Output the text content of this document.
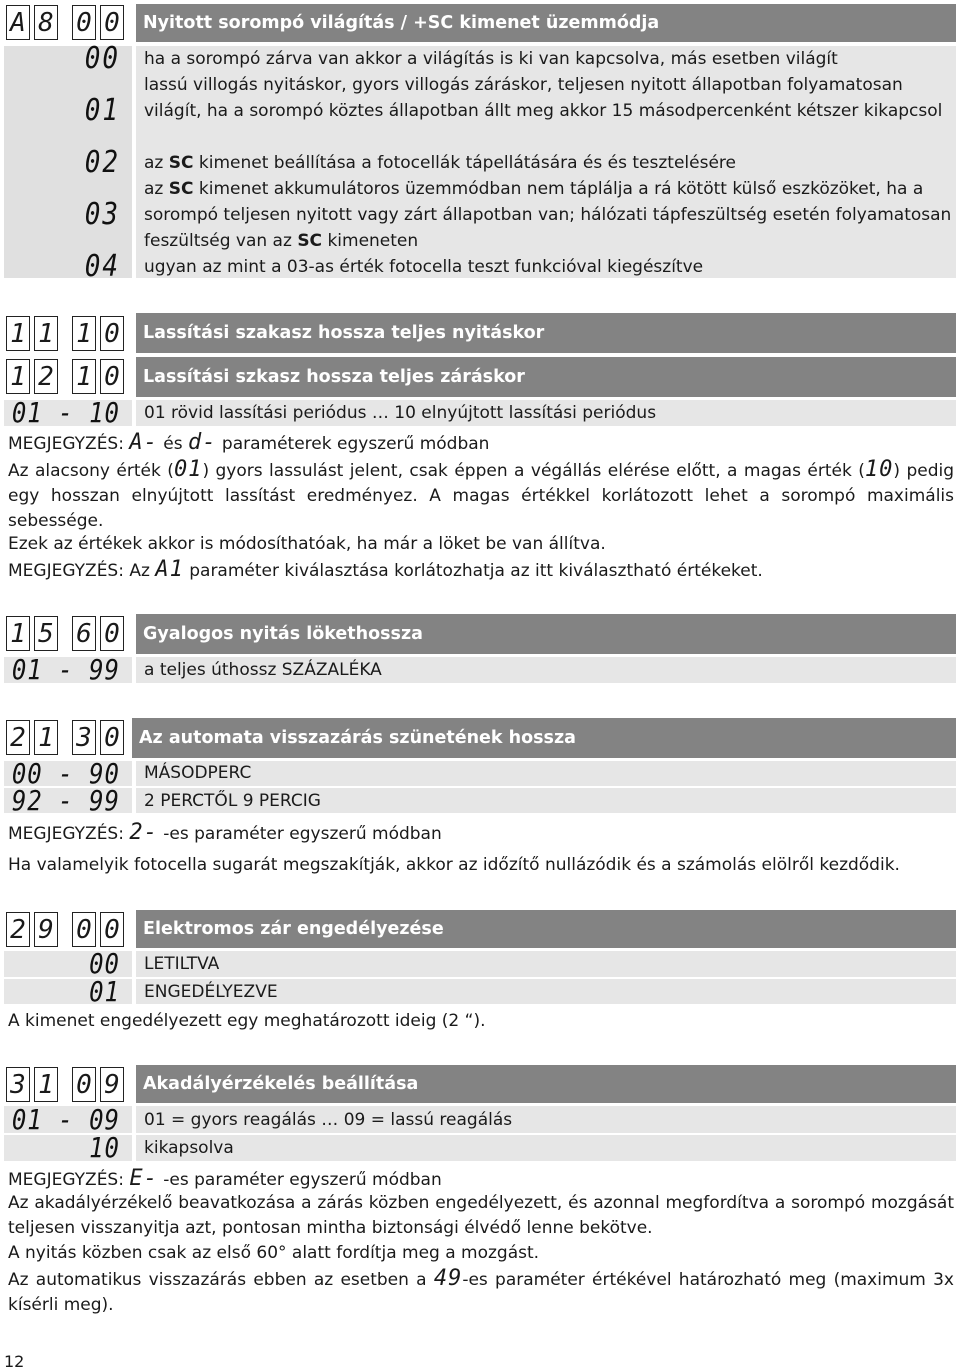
A 8 0 0 Nyitott sorompó világítás / +SC kimenet üzemmódja
00 ha a sorompó zárva van akkor a világítás is ki van kapcsolva, más esetben világít
01
lassú villogás nyitáskor, gyors villogás záráskor, teljesen nyitott állapotban folyamatosan világít, ha a sorompó köztes állapotban állt meg akkor 15 másodpercenként kétszer kikapcsol
02 az SC kimenet beállítása a fotocellák tápellátására és és tesztelésére
03
az SC kimenet akkumulátoros üzemmódban nem táplálja a rá kötött külső eszközöket, ha a sorompó teljesen nyitott vagy zárt állapotban van; hálózati tápfeszültség esetén folyamatosan feszültség van az SC kimeneten
04 ugyan az mint a 03-as érték fotocella teszt funkcióval kiegészítve
1 1 1 0 Lassítási szakasz hossza teljes nyitáskor
1 2 1 0 Lassítási szkasz hossza teljes záráskor
01 - 10 01 rövid lassítási periódus … 10 elnyújtott lassítási periódus
MEGJEGYZÉS: A- és d- paraméterek egyszerű módban
Az alacsony érték (01) gyors lassulást jelent, csak éppen a végállás elérése előtt, a magas érték (10) pedig egy hosszan elnyújtott lassítást eredményez. A magas értékkel korlátozott lehet a sorompó maximális sebessége.
Ezek az értékek akkor is módosíthatóak, ha már a löket be van állítva.
MEGJEGYZÉS: Az A1 paraméter kiválasztása korlátozhatja az itt kiválasztható értékeket.
1 5 6 0 Gyalogos nyitás lökethossza
01 - 99 a teljes úthossz SZÁZALÉKA
2 1 3 0 Az automata visszazárás szünetének hossza
00 - 90 MÁSODPERC
92 - 99 2 PERCTŐL 9 PERCIG
MEGJEGYZÉS: 2- -es paraméter egyszerű módban
Ha valamelyik fotocella sugarát megszakítják, akkor az időzítő nullázódik és a számolás elölről kezdődik.
2 9 0 0 Elektromos zár engedélyezése
00 LETILTVA
01 ENGEDÉLYEZVE
A kimenet engedélyezett egy meghatározott ideig (2 “).
3 1 0 9 Akadályérzékelés beállítása
01 - 09 01 = gyors reagálás … 09 = lassú reagálás
10 kikapsolva
MEGJEGYZÉS: E- -es paraméter egyszerű módban
Az akadályérzékelő beavatkozása a zárás közben engedélyezett, és azonnal megfordítva a sorompó mozgását teljesen visszanyitja azt, pontosan mintha biztonsági élvédő lenne bekötve.
A nyitás közben csak az első 60° alatt fordítja meg a mozgást.
Az automatikus visszazárás ebben az esetben a 49-es paraméter értékével határozható meg (maximum 3x kísérli meg).
12
